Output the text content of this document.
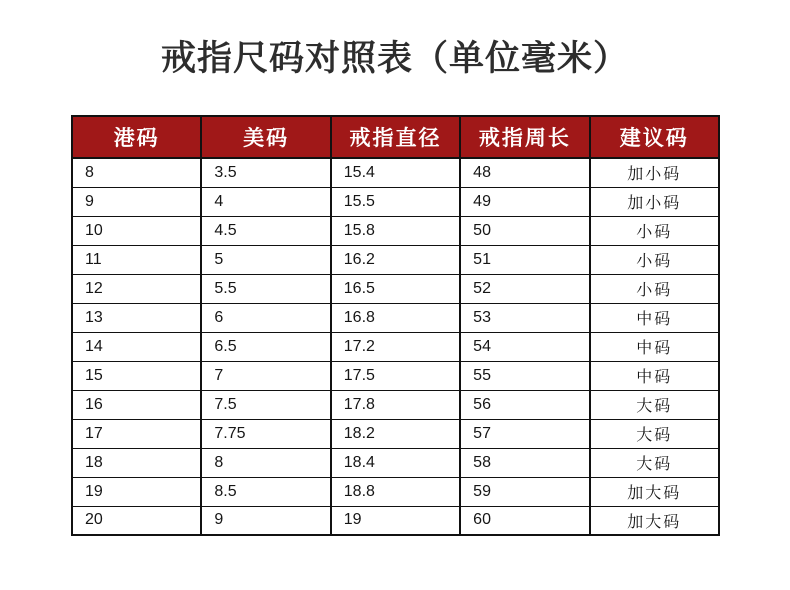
戒指尺码对照表（单位毫米）
港码	美码	戒指直径	戒指周长	建议码
8	3.5	15.4	48	加小码
9	4	15.5	49	加小码
10	4.5	15.8	50	小码
11	5	16.2	51	小码
12	5.5	16.5	52	小码
13	6	16.8	53	中码
14	6.5	17.2	54	中码
15	7	17.5	55	中码
16	7.5	17.8	56	大码
17	7.75	18.2	57	大码
18	8	18.4	58	大码
19	8.5	18.8	59	加大码
20	9	19	60	加大码
